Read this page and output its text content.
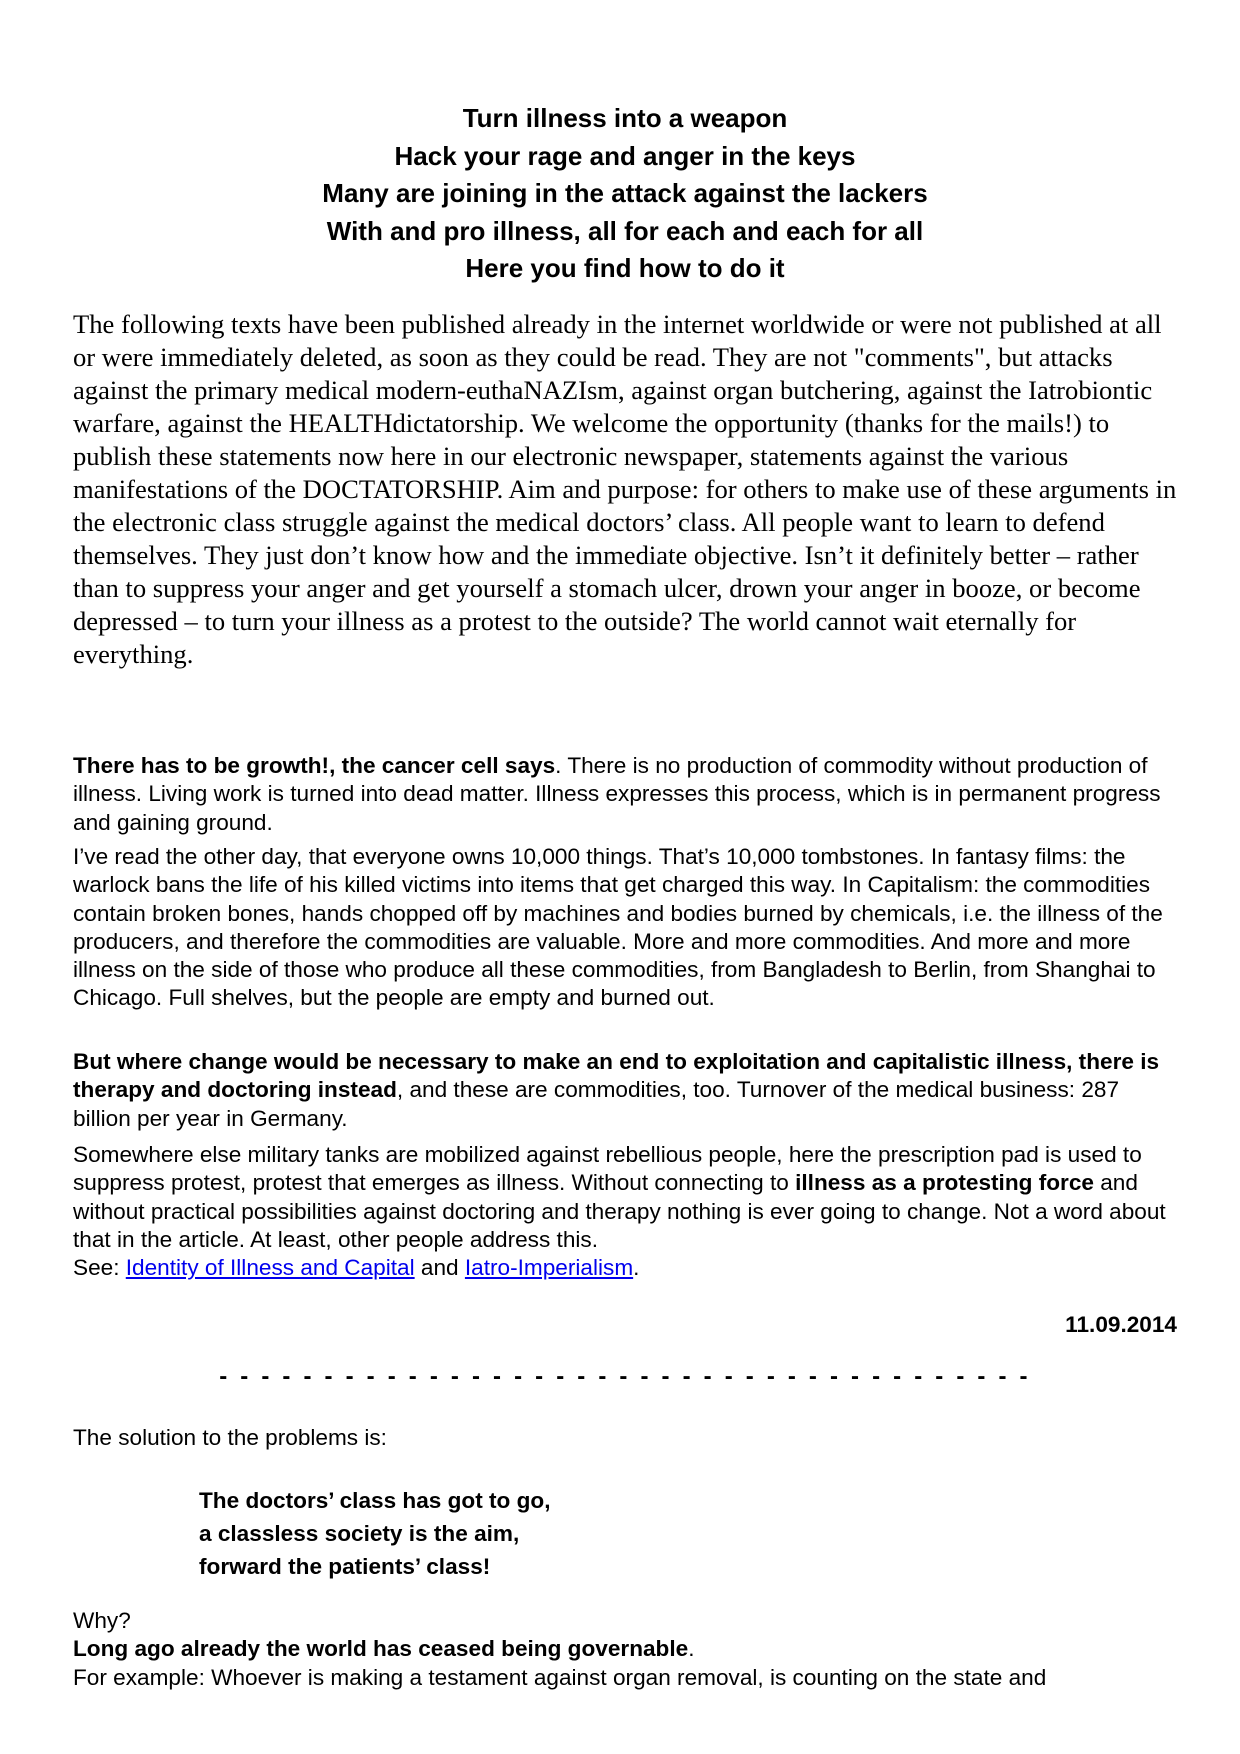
Turn illness into a weapon
Hack your rage and anger in the keys
Many are joining in the attack against the lackers
With and pro illness, all for each and each for all
Here you find how to do it

The following texts have been published already in the internet worldwide or were not published at all or were immediately deleted, as soon as they could be read. They are not "comments", but attacks against the primary medical modern-euthaNAZIsm, against organ butchering, against the Iatrobiontic warfare, against the HEALTHdictatorship. We welcome the opportunity (thanks for the mails!) to publish these statements now here in our electronic newspaper, statements against the various manifestations of the DOCTATORSHIP. Aim and purpose: for others to make use of these arguments in the electronic class struggle against the medical doctors’ class. All people want to learn to defend themselves. They just don’t know how and the immediate objective. Isn’t it definitely better – rather than to suppress your anger and get yourself a stomach ulcer, drown your anger in booze, or become depressed – to turn your illness as a protest to the outside? The world cannot wait eternally for everything.

There has to be growth!, the cancer cell says. There is no production of commodity without production of illness. Living work is turned into dead matter. Illness expresses this process, which is in permanent progress and gaining ground.

I’ve read the other day, that everyone owns 10,000 things. That’s 10,000 tombstones. In fantasy films: the warlock bans the life of his killed victims into items that get charged this way. In Capitalism: the commodities contain broken bones, hands chopped off by machines and bodies burned by chemicals, i.e. the illness of the producers, and therefore the commodities are valuable. More and more commodities. And more and more illness on the side of those who produce all these commodities, from Bangladesh to Berlin, from Shanghai to Chicago. Full shelves, but the people are empty and burned out.

But where change would be necessary to make an end to exploitation and capitalistic illness, there is therapy and doctoring instead, and these are commodities, too. Turnover of the medical business: 287 billion per year in Germany.

Somewhere else military tanks are mobilized against rebellious people, here the prescription pad is used to suppress protest, protest that emerges as illness. Without connecting to illness as a protesting force and without practical possibilities against doctoring and therapy nothing is ever going to change. Not a word about that in the article. At least, other people address this.
See: Identity of Illness and Capital and Iatro-Imperialism.

11.09.2014
- - - - - - - - - - - - - - - - - - - - - - - - - - - - - - - - - - - - - - -

The solution to the problems is:

The doctors’ class has got to go,
a classless society is the aim,
forward the patients’ class!

Why?
Long ago already the world has ceased being governable.
For example: Whoever is making a testament against organ removal, is counting on the state and
